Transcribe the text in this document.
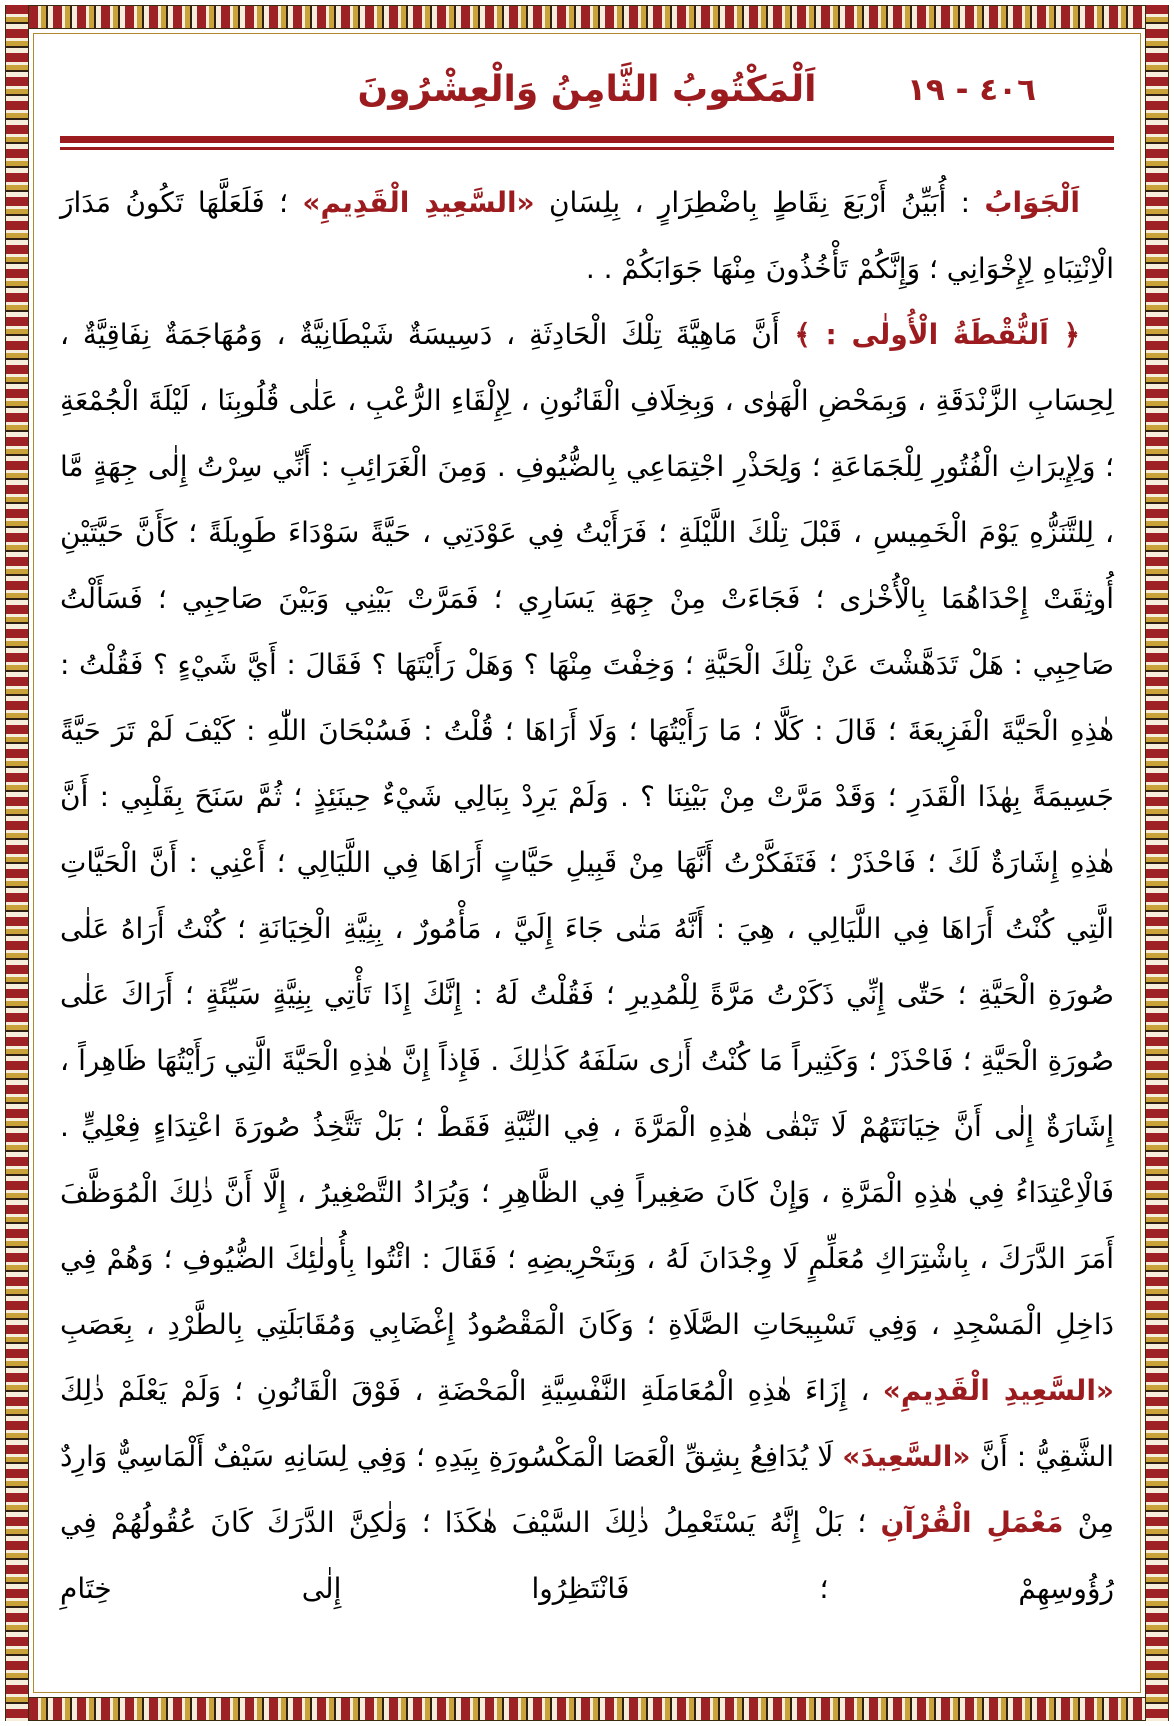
٤٠٦ - ١٩
اَلْمَكْتُوبُ الثَّامِنُ وَالْعِشْرُونَ

اَلْجَوَابُ : أُبَيِّنُ أَرْبَعَ نِقَاطٍ بِاضْطِرَارٍ ، بِلِسَانِ «السَّعِيدِ الْقَدِيمِ» ؛ فَلَعَلَّهَا تَكُونُ مَدَارَ الْاِنْتِبَاهِ لِإِخْوَانِي ؛ وَإِنَّكُمْ تَأْخُذُونَ مِنْهَا جَوَابَكُمْ . .

﴿ اَلنُّقْطَةُ الْأُولٰى : ﴾ أَنَّ مَاهِيَّةَ تِلْكَ الْحَادِثَةِ ، دَسِيسَةٌ شَيْطَانِيَّةٌ ، وَمُهَاجَمَةٌ نِفَاقِيَّةٌ ، لِحِسَابِ الزَّنْدَقَةِ ، وَبِمَحْضِ الْهَوٰى ، وَبِخِلَافِ الْقَانُونِ ، لِإِلْقَاءِ الرُّعْبِ ، عَلٰى قُلُوبِنَا ، لَيْلَةَ الْجُمْعَةِ ؛ وَلِإِيرَاثِ الْفُتُورِ لِلْجَمَاعَةِ ؛ وَلِحَذْرِ اجْتِمَاعِي بِالضُّيُوفِ . وَمِنَ الْغَرَائِبِ : أَنِّي سِرْتُ إِلٰى جِهَةٍ مَّا ، لِلتَّنَزُّهِ يَوْمَ الْخَمِيسِ ، قَبْلَ تِلْكَ اللَّيْلَةِ ؛ فَرَأَيْتُ فِي عَوْدَتِي ، حَيَّةً سَوْدَاءَ طَوِيلَةً ؛ كَأَنَّ حَيَّتَيْنِ أُوثِقَتْ إِحْدَاهُمَا بِالْأُخْرٰى ؛ فَجَاءَتْ مِنْ جِهَةِ يَسَارِي ؛ فَمَرَّتْ بَيْنِي وَبَيْنَ صَاحِبِي ؛ فَسَأَلْتُ صَاحِبِي : هَلْ تَدَهَّشْتَ عَنْ تِلْكَ الْحَيَّةِ ؛ وَخِفْتَ مِنْهَا ؟ وَهَلْ رَأَيْتَهَا ؟ فَقَالَ : أَيَّ شَيْءٍ ؟ فَقُلْتُ : هٰذِهِ الْحَيَّةَ الْفَزِيعَةَ ؛ قَالَ : كَلَّا ؛ مَا رَأَيْتُهَا ؛ وَلَا أَرَاهَا ؛ قُلْتُ : فَسُبْحَانَ اللّٰهِ : كَيْفَ لَمْ تَرَ حَيَّةً جَسِيمَةً بِهٰذَا الْقَدَرِ ؛ وَقَدْ مَرَّتْ مِنْ بَيْنِنَا ؟ . وَلَمْ يَرِدْ بِبَالِي شَيْءٌ حِينَئِذٍ ؛ ثُمَّ سَنَحَ بِقَلْبِي : أَنَّ هٰذِهِ إِشَارَةٌ لَكَ ؛ فَاحْذَرْ ؛ فَتَفَكَّرْتُ أَنَّهَا مِنْ قَبِيلِ حَيَّاتٍ أَرَاهَا فِي اللَّيَالِي ؛ أَعْنِي : أَنَّ الْحَيَّاتِ الَّتِي كُنْتُ أَرَاهَا فِي اللَّيَالِي ، هِيَ : أَنَّهُ مَتٰى جَاءَ إِلَيَّ ، مَأْمُورٌ ، بِنِيَّةِ الْخِيَانَةِ ؛ كُنْتُ أَرَاهُ عَلٰى صُورَةِ الْحَيَّةِ ؛ حَتّٰى إِنِّي ذَكَرْتُ مَرَّةً لِلْمُدِيرِ ؛ فَقُلْتُ لَهُ : إِنَّكَ إِذَا تَأْتِي بِنِيَّةٍ سَيِّئَةٍ ؛ أَرَاكَ عَلٰى صُورَةِ الْحَيَّةِ ؛ فَاحْذَرْ ؛ وَكَثِيراً مَا كُنْتُ أَرٰى سَلَفَهُ كَذٰلِكَ . فَإِذاً إِنَّ هٰذِهِ الْحَيَّةَ الَّتِي رَأَيْتُهَا ظَاهِراً ، إِشَارَةٌ إِلٰى أَنَّ خِيَانَتَهُمْ لَا تَبْقٰى هٰذِهِ الْمَرَّةَ ، فِي النِّيَّةِ فَقَطْ ؛ بَلْ تَتَّخِذُ صُورَةَ اعْتِدَاءٍ فِعْلِيٍّ . فَالْاِعْتِدَاءُ فِي هٰذِهِ الْمَرَّةِ ، وَإِنْ كَانَ صَغِيراً فِي الظَّاهِرِ ؛ وَيُرَادُ التَّصْغِيرُ ، إِلَّا أَنَّ ذٰلِكَ الْمُوَظَّفَ أَمَرَ الدَّرَكَ ، بِاشْتِرَاكِ مُعَلِّمٍ لَا وِجْدَانَ لَهُ ، وَبِتَحْرِيضِهِ ؛ فَقَالَ : ائْتُوا بِأُولٰئِكَ الضُّيُوفِ ؛ وَهُمْ فِي دَاخِلِ الْمَسْجِدِ ، وَفِي تَسْبِيحَاتِ الصَّلَاةِ ؛ وَكَانَ الْمَقْصُودُ إِغْضَابِي وَمُقَابَلَتِي بِالطَّرْدِ ، بِعَصَبِ «السَّعِيدِ الْقَدِيمِ» ، إِزَاءَ هٰذِهِ الْمُعَامَلَةِ النَّفْسِيَّةِ الْمَحْضَةِ ، فَوْقَ الْقَانُونِ ؛ وَلَمْ يَعْلَمْ ذٰلِكَ الشَّقِيُّ : أَنَّ «السَّعِيدَ» لَا يُدَافِعُ بِشِقِّ الْعَصَا الْمَكْسُورَةِ بِيَدِهِ ؛ وَفِي لِسَانِهِ سَيْفٌ أَلْمَاسِيٌّ وَارِدٌ مِنْ مَعْمَلِ الْقُرْآنِ ؛ بَلْ إِنَّهُ يَسْتَعْمِلُ ذٰلِكَ السَّيْفَ هٰكَذَا ؛ وَلٰكِنَّ الدَّرَكَ كَانَ عُقُولُهُمْ فِي رُؤُوسِهِمْ ؛ فَانْتَظِرُوا إِلٰى خِتَامِ
